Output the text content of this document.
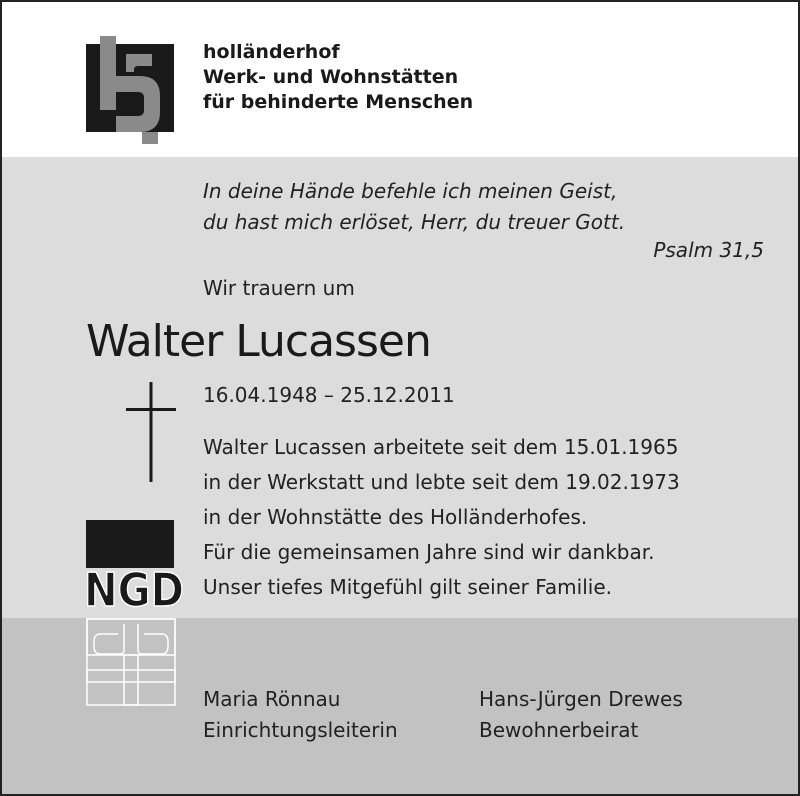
holländerhof
Werk- und Wohnstätten
für behinderte Menschen
In deine Hände befehle ich meinen Geist,
du hast mich erlöset, Herr, du treuer Gott.
Psalm 31,5
Wir trauern um
Walter Lucassen
16.04.1948 – 25.12.2011
Walter Lucassen arbeitete seit dem 15.01.1965
in der Werkstatt und lebte seit dem 19.02.1973
in der Wohnstätte des Holländerhofes.
Für die gemeinsamen Jahre sind wir dankbar.
Unser tiefes Mitgefühl gilt seiner Familie.
NGD
Maria Rönnau
Einrichtungsleiterin
Hans-Jürgen Drewes
Bewohnerbeirat
